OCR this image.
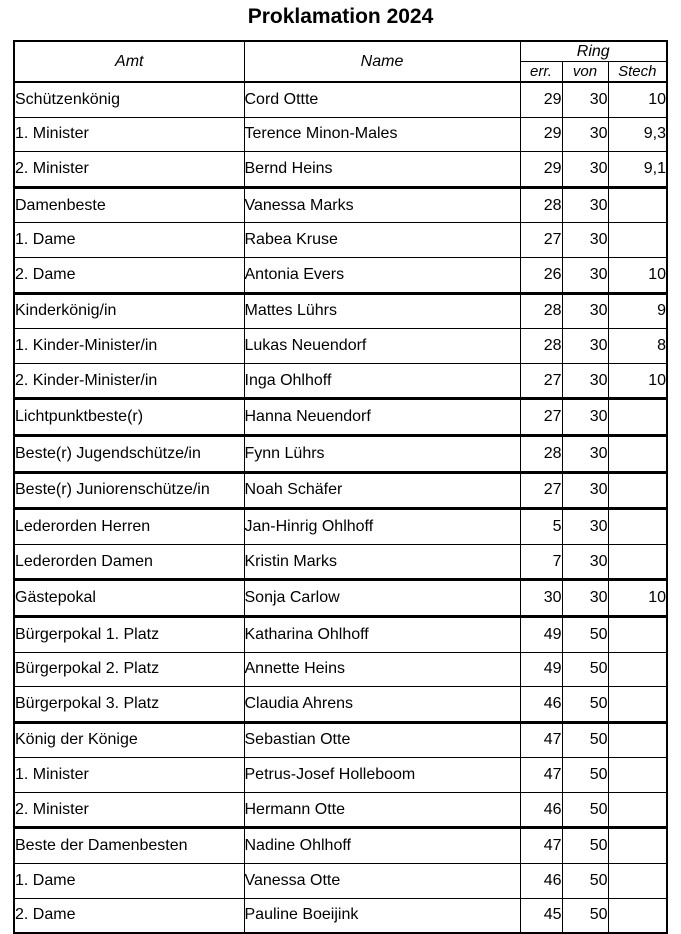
Proklamation 2024
Amt	Name	Ring		
		err.	von	Stech
Schützenkönig	Cord Ottte	29	30	10
1. Minister	Terence Minon-Males	29	30	9,3
2. Minister	Bernd Heins	29	30	9,1
Damenbeste	Vanessa Marks	28	30	
1. Dame	Rabea Kruse	27	30	
2. Dame	Antonia Evers	26	30	10
Kinderkönig/in	Mattes Lührs	28	30	9
1. Kinder-Minister/in	Lukas Neuendorf	28	30	8
2. Kinder-Minister/in	Inga Ohlhoff	27	30	10
Lichtpunktbeste(r)	Hanna Neuendorf	27	30	
Beste(r) Jugendschütze/in	Fynn Lührs	28	30	
Beste(r) Juniorenschütze/in	Noah Schäfer	27	30	
Lederorden Herren	Jan-Hinrig Ohlhoff	5	30	
Lederorden Damen	Kristin Marks	7	30	
Gästepokal	Sonja Carlow	30	30	10
Bürgerpokal 1. Platz	Katharina Ohlhoff	49	50	
Bürgerpokal 2. Platz	Annette Heins	49	50	
Bürgerpokal 3. Platz	Claudia Ahrens	46	50	
König der Könige	Sebastian Otte	47	50	
1. Minister	Petrus-Josef Holleboom	47	50	
2. Minister	Hermann Otte	46	50	
Beste der Damenbesten	Nadine Ohlhoff	47	50	
1. Dame	Vanessa Otte	46	50	
2. Dame	Pauline Boeijink	45	50	
